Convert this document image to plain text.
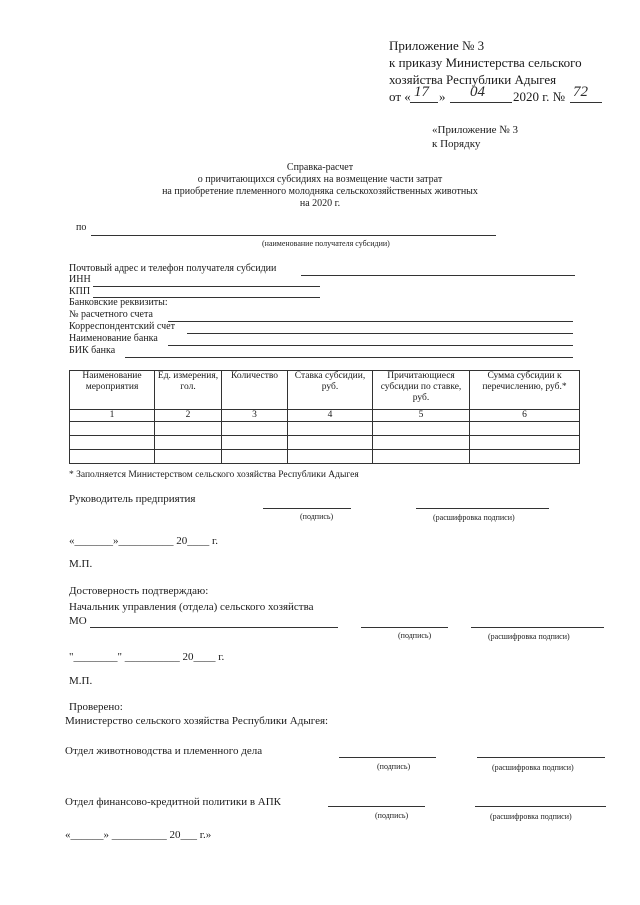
Приложение № 3
к приказу Министерства сельского
хозяйства Республики Адыгея
от « 17 » 04 2020 г. № 72
«Приложение № 3
к Порядку
Справка-расчет
о причитающихся субсидиях на возмещение части затрат
на приобретение племенного молодняка сельскохозяйственных животных
на 2020 г.
по
(наименование получателя субсидии)
Почтовый адрес и телефон получателя субсидии
ИНН
КПП
Банковские реквизиты:
№ расчетного счета
Корреспондентский счет
Наименование банка
БИК банка
Наименование мероприятия	Ед. измерения, гол.	Количество	Ставка субсидии, руб.	Причитающиеся субсидии по ставке, руб.	Сумма субсидии к перечислению, руб.*
1	2	3	4	5	6

* Заполняется Министерством сельского хозяйства Республики Адыгея
Руководитель предприятия
(подпись)	(расшифровка подписи)
«_______»__________ 20____ г.
М.П.
Достоверность подтверждаю:
Начальник управления (отдела) сельского хозяйства
МО
(подпись)	(расшифровка подписи)
"________" __________ 20____ г.
М.П.
Проверено:
Министерство сельского хозяйства Республики Адыгея:
Отдел животноводства и племенного дела
(подпись)	(расшифровка подписи)
Отдел финансово-кредитной политики в АПК
(подпись)	(расшифровка подписи)
«______» __________ 20___ г.»
